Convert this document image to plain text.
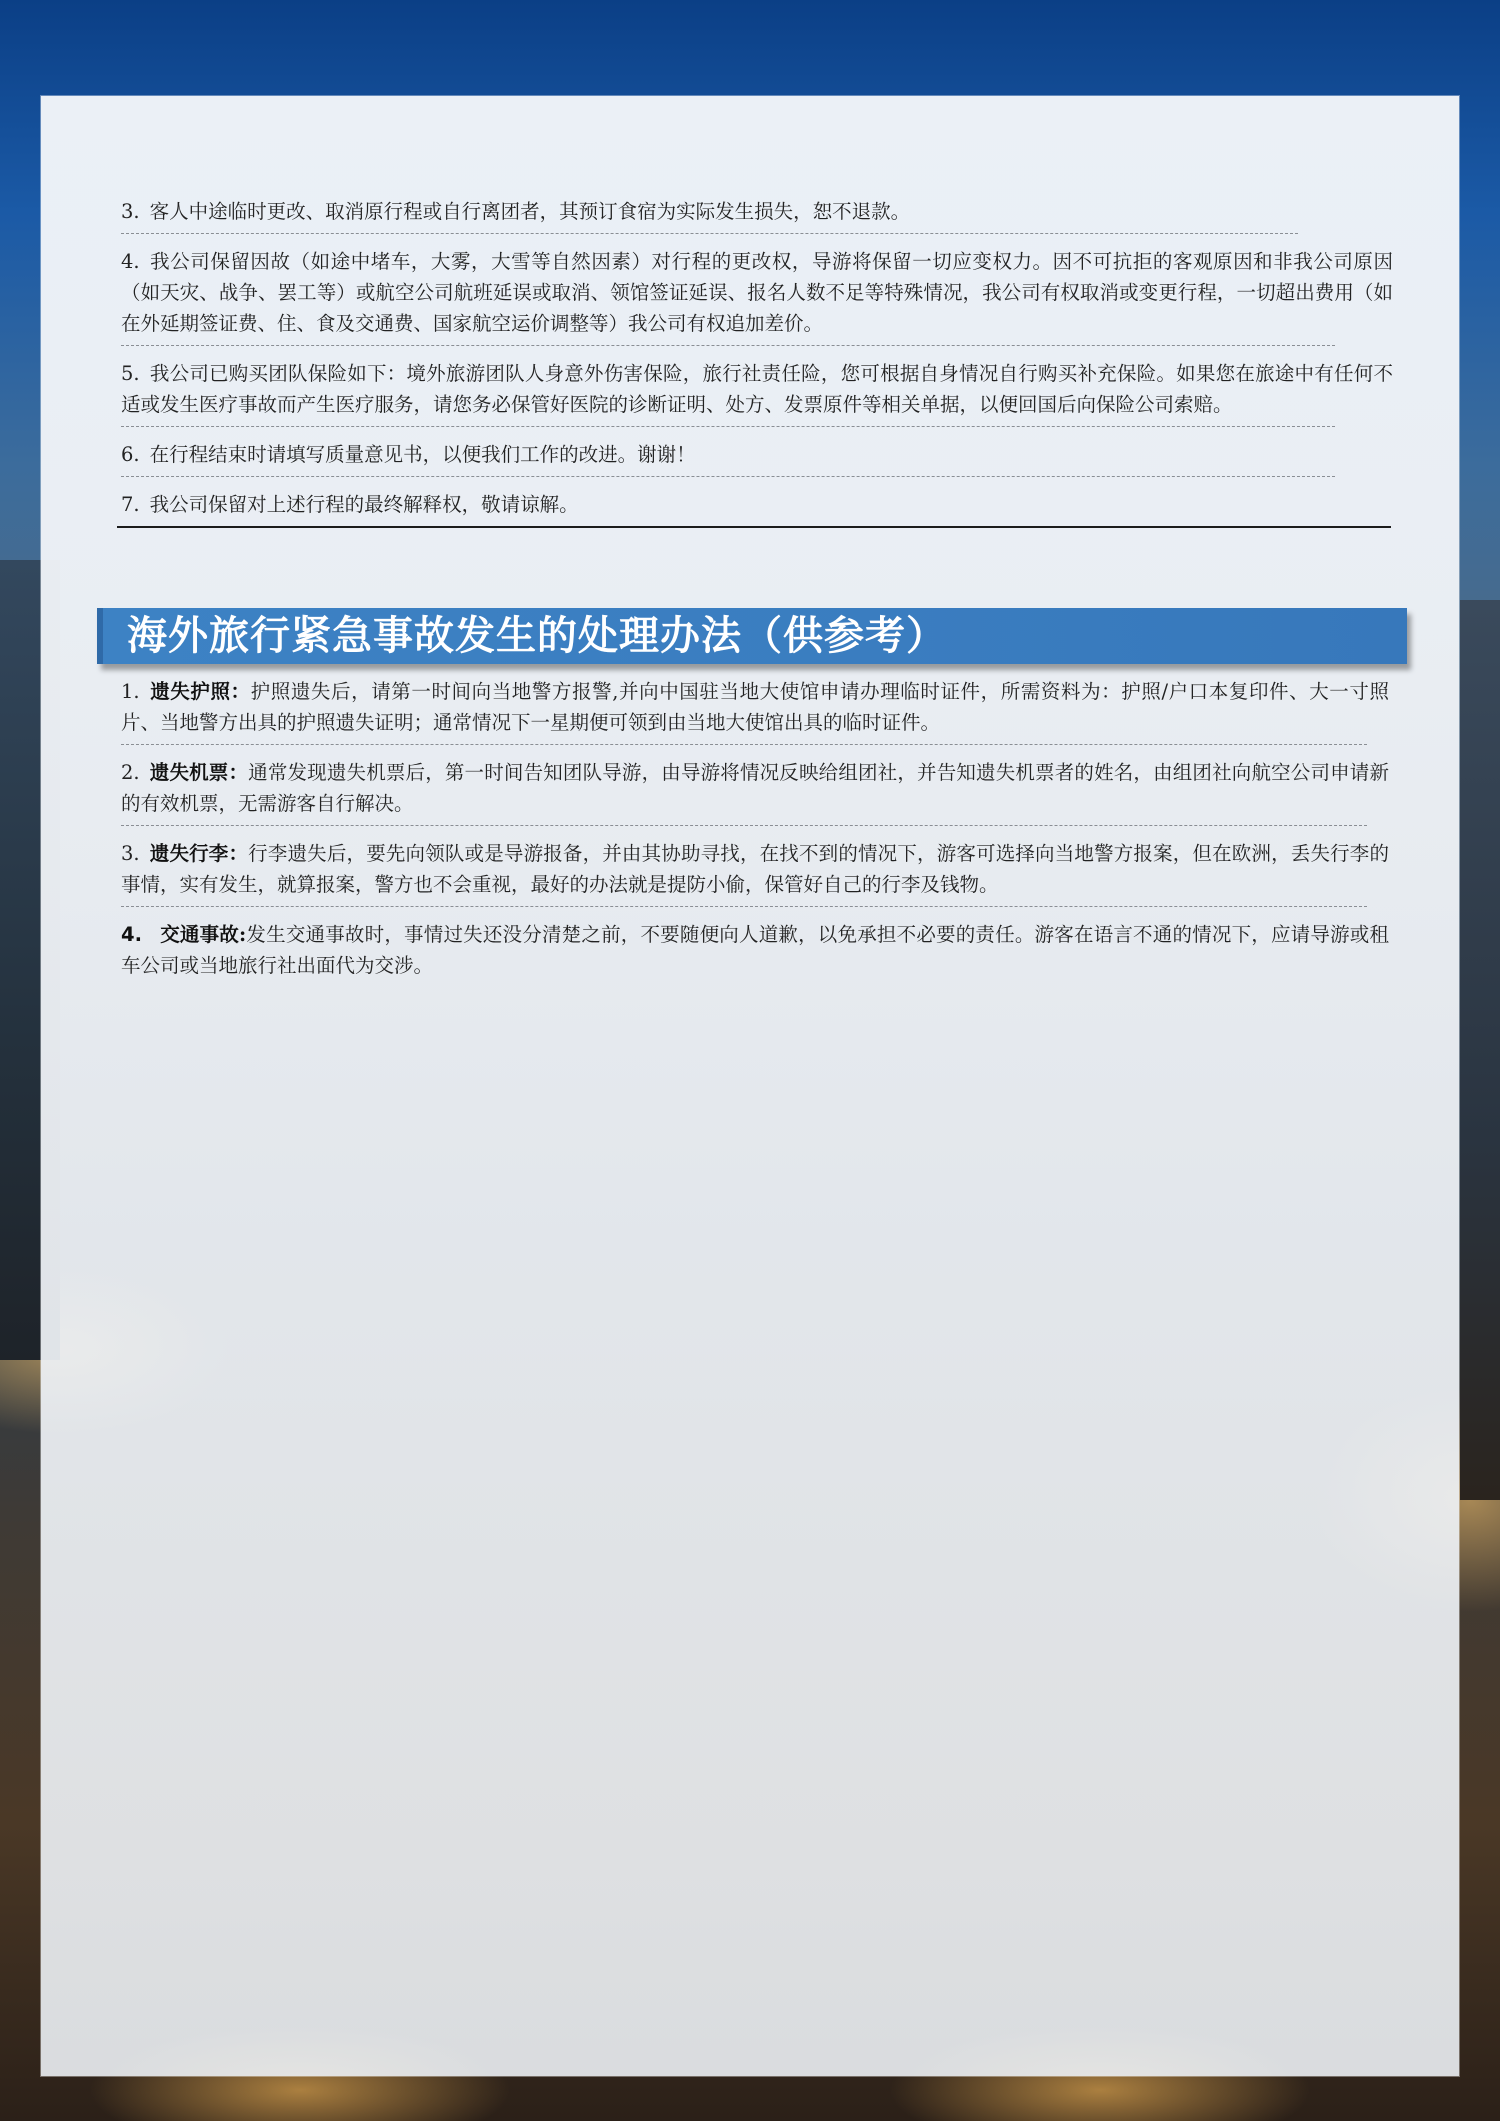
3. 客人中途临时更改、取消原行程或自行离团者，其预订食宿为实际发生损失，恕不退款。

4. 我公司保留因故（如途中堵车，大雾，大雪等自然因素）对行程的更改权，导游将保留一切应变权力。因不可抗拒的客观原因和非我公司原因（如天灾、战争、罢工等）或航空公司航班延误或取消、领馆签证延误、报名人数不足等特殊情况，我公司有权取消或变更行程，一切超出费用（如在外延期签证费、住、食及交通费、国家航空运价调整等）我公司有权追加差价。

5. 我公司已购买团队保险如下：境外旅游团队人身意外伤害保险，旅行社责任险，您可根据自身情况自行购买补充保险。如果您在旅途中有任何不适或发生医疗事故而产生医疗服务，请您务必保管好医院的诊断证明、处方、发票原件等相关单据，以便回国后向保险公司索赔。

6. 在行程结束时请填写质量意见书，以便我们工作的改进。谢谢！

7. 我公司保留对上述行程的最终解释权，敬请谅解。

海外旅行紧急事故发生的处理办法（供参考）

1. 遗失护照：护照遗失后，请第一时间向当地警方报警,并向中国驻当地大使馆申请办理临时证件，所需资料为：护照/户口本复印件、大一寸照片、当地警方出具的护照遗失证明；通常情况下一星期便可领到由当地大使馆出具的临时证件。

2. 遗失机票：通常发现遗失机票后，第一时间告知团队导游，由导游将情况反映给组团社，并告知遗失机票者的姓名，由组团社向航空公司申请新的有效机票，无需游客自行解决。

3. 遗失行李：行李遗失后，要先向领队或是导游报备，并由其协助寻找，在找不到的情况下，游客可选择向当地警方报案，但在欧洲，丢失行李的事情，实有发生，就算报案，警方也不会重视，最好的办法就是提防小偷，保管好自己的行李及钱物。

4. 交通事故:发生交通事故时，事情过失还没分清楚之前，不要随便向人道歉，以免承担不必要的责任。游客在语言不通的情况下，应请导游或租车公司或当地旅行社出面代为交涉。
